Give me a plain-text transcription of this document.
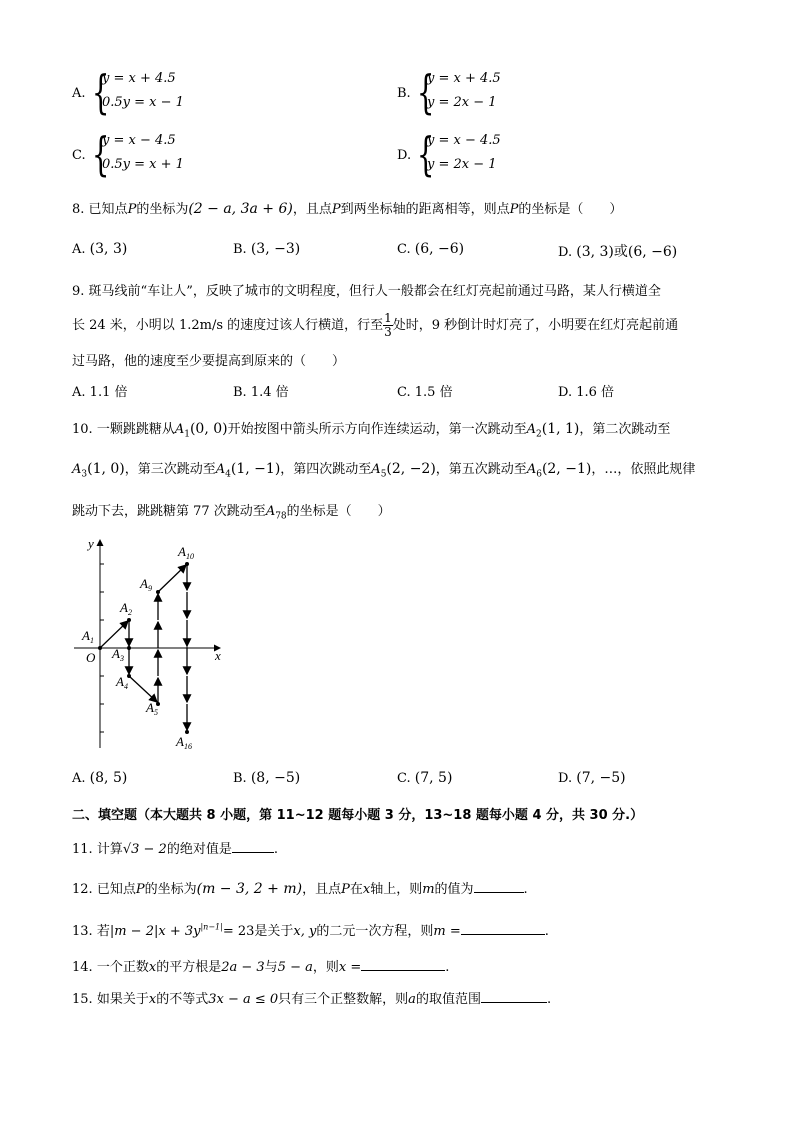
A. {
y = x + 4.5
0.5y = x − 1
B. {
y = x + 4.5
y = 2x − 1
C. {
y = x − 4.5
0.5y = x + 1
D. {
y = x − 4.5
y = 2x − 1
8. 已知点P的坐标为(2 − a, 3a + 6)，且点P到两坐标轴的距离相等，则点P的坐标是（　　）
A. (3, 3)	B. (3, −3)	C. (6, −6)	D. (3, 3)或(6, −6)
9. 斑马线前“车让人”，反映了城市的文明程度，但行人一般都会在红灯亮起前通过马路，某人行横道全
长 24 米，小明以 1.2m/s 的速度过该人行横道，行至 $\frac{1}{3}$ 处时，9 秒倒计时灯亮了，小明要在红灯亮起前通
过马路，他的速度至少要提高到原来的（　　）
A. 1.1 倍	B. 1.4 倍	C. 1.5 倍	D. 1.6 倍
10. 一颗跳跳糖从$A_1(0$, 0)开始按图中箭头所示方向作连续运动，第一次跳动至$A_2(1$, 1)，第二次跳动至
$A_3(1$, 0)，第三次跳动至$A_4(1$, −1)，第四次跳动至$A_5(2$, −2)，第五次跳动至$A_6(2$, −1)，…，依照此规律
跳动下去，跳跳糖第 77 次跳动至$A_{78}$的坐标是（　　）
y
x
O
$A_1$
$A_2$
$A_3$
$A_4$
$A_5$
$A_9$
$A_{10}$
$A_{16}$
A. (8, 5)	B. (8, −5)	C. (7, 5)	D. (7, −5)
二、填空题（本大题共 8 小题，第 11~12 题每小题 3 分，13~18 题每小题 4 分，共 30 分.）
11. 计算√3 − 2的绝对值是	.
12. 已知点P的坐标为(m − 3, 2 + m)，且点P在x轴上，则m的值为	.
13. 若$|m - 2|x + 3y^{|n-1|}= 23$是关于x, y的二元一次方程，则m =	.
14. 一个正数x的平方根是2a − 3与5 − a，则x =	.
15. 如果关于x的不等式3x − a ≤ 0只有三个正整数解，则a的取值范围	.
